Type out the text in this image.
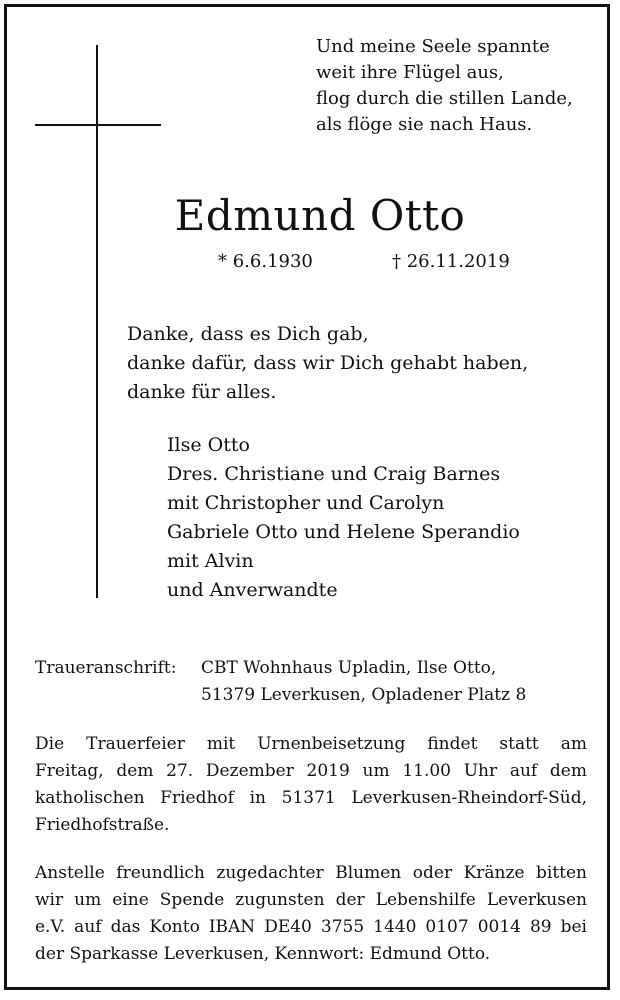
Und meine Seele spannte
weit ihre Flügel aus,
flog durch die stillen Lande,
als flöge sie nach Haus.
Edmund Otto
* 6.6.1930	† 26.11.2019
Danke, dass es Dich gab,
danke dafür, dass wir Dich gehabt haben,
danke für alles.
Ilse Otto
Dres. Christiane und Craig Barnes
mit Christopher und Carolyn
Gabriele Otto und Helene Sperandio
mit Alvin
und Anverwandte
Traueranschrift: CBT Wohnhaus Upladin, Ilse Otto,
51379 Leverkusen, Opladener Platz 8
Die Trauerfeier mit Urnenbeisetzung findet statt am
Freitag, dem 27. Dezember 2019 um 11.00 Uhr auf dem
katholischen Friedhof in 51371 Leverkusen-Rheindorf-Süd,
Friedhofstraße.
Anstelle freundlich zugedachter Blumen oder Kränze bitten
wir um eine Spende zugunsten der Lebenshilfe Leverkusen
e.V. auf das Konto IBAN DE40 3755 1440 0107 0014 89 bei
der Sparkasse Leverkusen, Kennwort: Edmund Otto.
